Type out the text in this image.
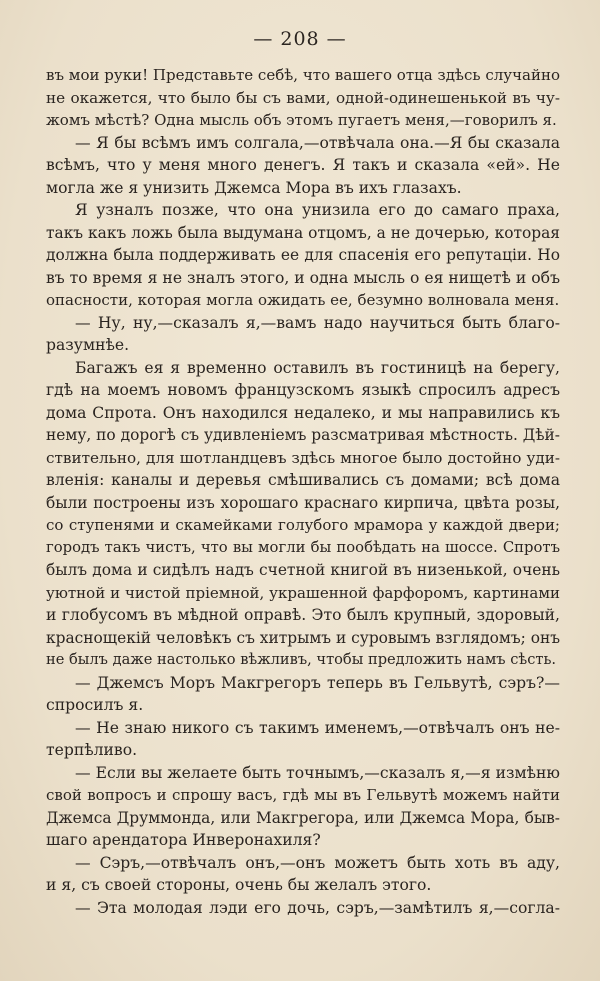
— 208 —
въ мои руки! Представьте себѣ, что вашего отца здѣсь случайно
не окажется, что было бы съ вами, одной-одинешенькой въ чу-
жомъ мѣстѣ? Одна мысль объ этомъ пугаетъ меня,—говорилъ я.
— Я бы всѣмъ имъ солгала,—отвѣчала она.—Я бы сказала
всѣмъ, что у меня много денегъ. Я такъ и сказала «ей». Не
могла же я унизить Джемса Мора въ ихъ глазахъ.
Я узналъ позже, что она унизила его до самаго праха,
такъ какъ ложь была выдумана отцомъ, а не дочерью, которая
должна была поддерживать ее для спасенія его репутаціи. Но
въ то время я не зналъ этого, и одна мысль о ея нищетѣ и объ
опасности, которая могла ожидать ее, безумно волновала меня.
— Ну, ну,—сказалъ я,—вамъ надо научиться быть благо-
разумнѣе.
Багажъ ея я временно оставилъ въ гостиницѣ на берегу,
гдѣ на моемъ новомъ французскомъ языкѣ спросилъ адресъ
дома Спрота. Онъ находился недалеко, и мы направились къ
нему, по дорогѣ съ удивленіемъ разсматривая мѣстность. Дѣй-
ствительно, для шотландцевъ здѣсь многое было достойно уди-
вленія: каналы и деревья смѣшивались съ домами; всѣ дома
были построены изъ хорошаго краснаго кирпича, цвѣта розы,
со ступенями и скамейками голубого мрамора у каждой двери;
городъ такъ чистъ, что вы могли бы пообѣдать на шоссе. Спротъ
былъ дома и сидѣлъ надъ счетной книгой въ низенькой, очень
уютной и чистой пріемной, украшенной фарфоромъ, картинами
и глобусомъ въ мѣдной оправѣ. Это былъ крупный, здоровый,
краснощекій человѣкъ съ хитрымъ и суровымъ взглядомъ; онъ
не былъ даже настолько вѣжливъ, чтобы предложить намъ сѣсть.
— Джемсъ Моръ Макгрегоръ теперь въ Гельвутѣ, сэръ?—
спросилъ я.
— Не знаю никого съ такимъ именемъ,—отвѣчалъ онъ не-
терпѣливо.
— Если вы желаете быть точнымъ,—сказалъ я,—я измѣню
свой вопросъ и спрошу васъ, гдѣ мы въ Гельвутѣ можемъ найти
Джемса Друммонда, или Макгрегора, или Джемса Мора, быв-
шаго арендатора Инверонахиля?
— Сэръ,—отвѣчалъ онъ,—онъ можетъ быть хоть въ аду,
и я, съ своей стороны, очень бы желалъ этого.
— Эта молодая лэди его дочь, сэръ,—замѣтилъ я,—согла-
